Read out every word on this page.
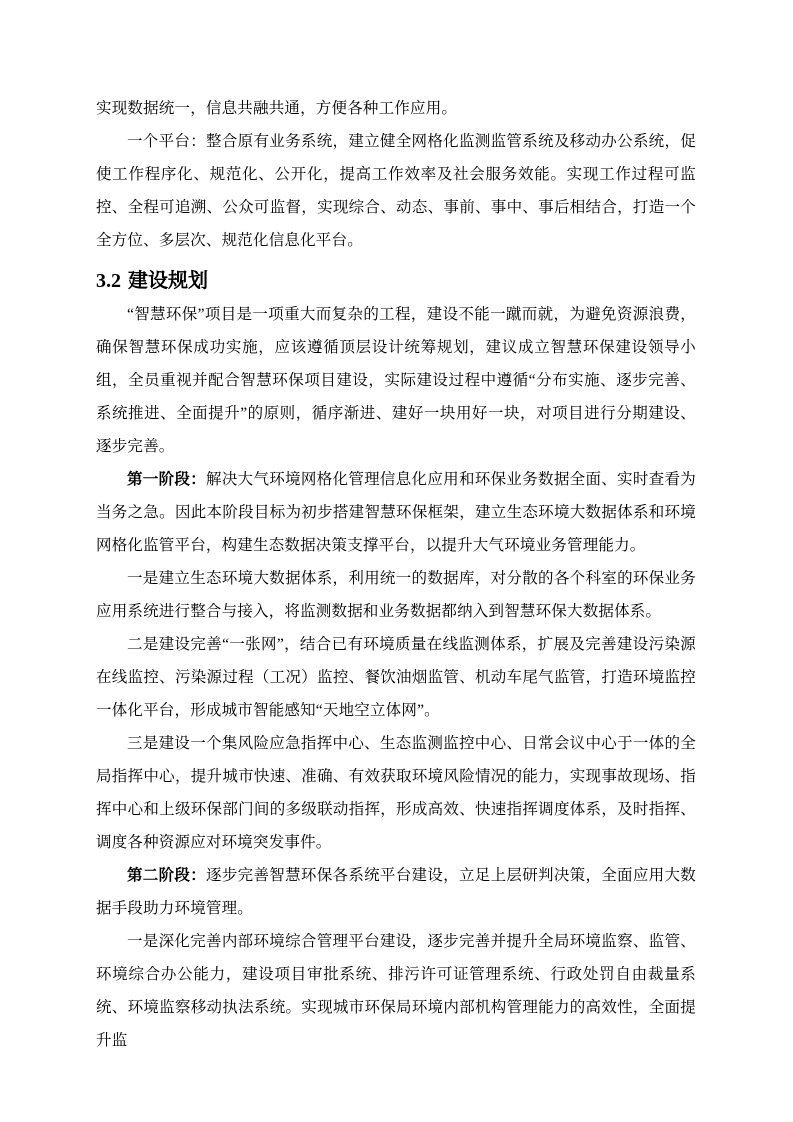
实现数据统一，信息共融共通，方便各种工作应用。

一个平台：整合原有业务系统，建立健全网格化监测监管系统及移动办公系统，促使工作程序化、规范化、公开化，提高工作效率及社会服务效能。实现工作过程可监控、全程可追溯、公众可监督，实现综合、动态、事前、事中、事后相结合，打造一个全方位、多层次、规范化信息化平台。

3.2 建设规划

“智慧环保”项目是一项重大而复杂的工程，建设不能一蹴而就，为避免资源浪费，确保智慧环保成功实施，应该遵循顶层设计统筹规划，建议成立智慧环保建设领导小组，全员重视并配合智慧环保项目建设，实际建设过程中遵循“分布实施、逐步完善、系统推进、全面提升”的原则，循序渐进、建好一块用好一块，对项目进行分期建设、逐步完善。

第一阶段：解决大气环境网格化管理信息化应用和环保业务数据全面、实时查看为当务之急。因此本阶段目标为初步搭建智慧环保框架，建立生态环境大数据体系和环境网格化监管平台，构建生态数据决策支撑平台，以提升大气环境业务管理能力。

一是建立生态环境大数据体系，利用统一的数据库，对分散的各个科室的环保业务应用系统进行整合与接入，将监测数据和业务数据都纳入到智慧环保大数据体系。

二是建设完善“一张网”，结合已有环境质量在线监测体系，扩展及完善建设污染源在线监控、污染源过程（工况）监控、餐饮油烟监管、机动车尾气监管，打造环境监控一体化平台，形成城市智能感知“天地空立体网”。

三是建设一个集风险应急指挥中心、生态监测监控中心、日常会议中心于一体的全局指挥中心，提升城市快速、准确、有效获取环境风险情况的能力，实现事故现场、指挥中心和上级环保部门间的多级联动指挥，形成高效、快速指挥调度体系，及时指挥、调度各种资源应对环境突发事件。

第二阶段：逐步完善智慧环保各系统平台建设，立足上层研判决策，全面应用大数据手段助力环境管理。

一是深化完善内部环境综合管理平台建设，逐步完善并提升全局环境监察、监管、环境综合办公能力，建设项目审批系统、排污许可证管理系统、行政处罚自由裁量系统、环境监察移动执法系统。实现城市环保局环境内部机构管理能力的高效性，全面提升监
